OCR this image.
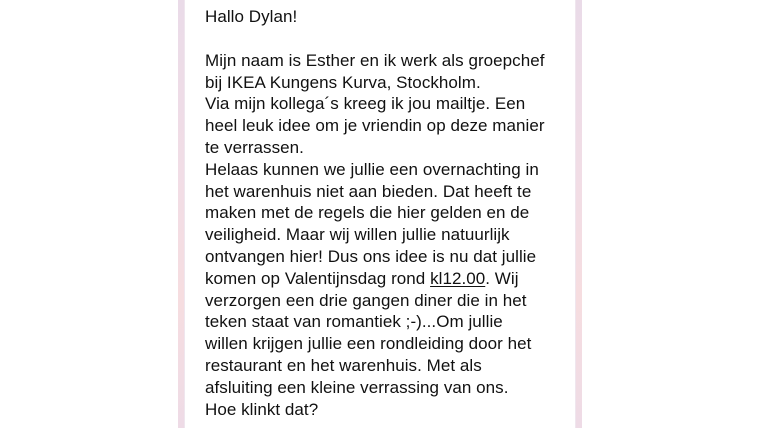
Hallo Dylan!

Mijn naam is Esther en ik werk als groepchef
bij IKEA Kungens Kurva, Stockholm.
Via mijn kollega´s kreeg ik jou mailtje. Een
heel leuk idee om je vriendin op deze manier
te verrassen.
Helaas kunnen we jullie een overnachting in
het warenhuis niet aan bieden. Dat heeft te
maken met de regels die hier gelden en de
veiligheid. Maar wij willen jullie natuurlijk
ontvangen hier! Dus ons idee is nu dat jullie
komen op Valentijnsdag rond kl12.00. Wij
verzorgen een drie gangen diner die in het
teken staat van romantiek ;-)...Om jullie
willen krijgen jullie een rondleiding door het
restaurant en het warenhuis. Met als
afsluiting een kleine verrassing van ons.
Hoe klinkt dat?
